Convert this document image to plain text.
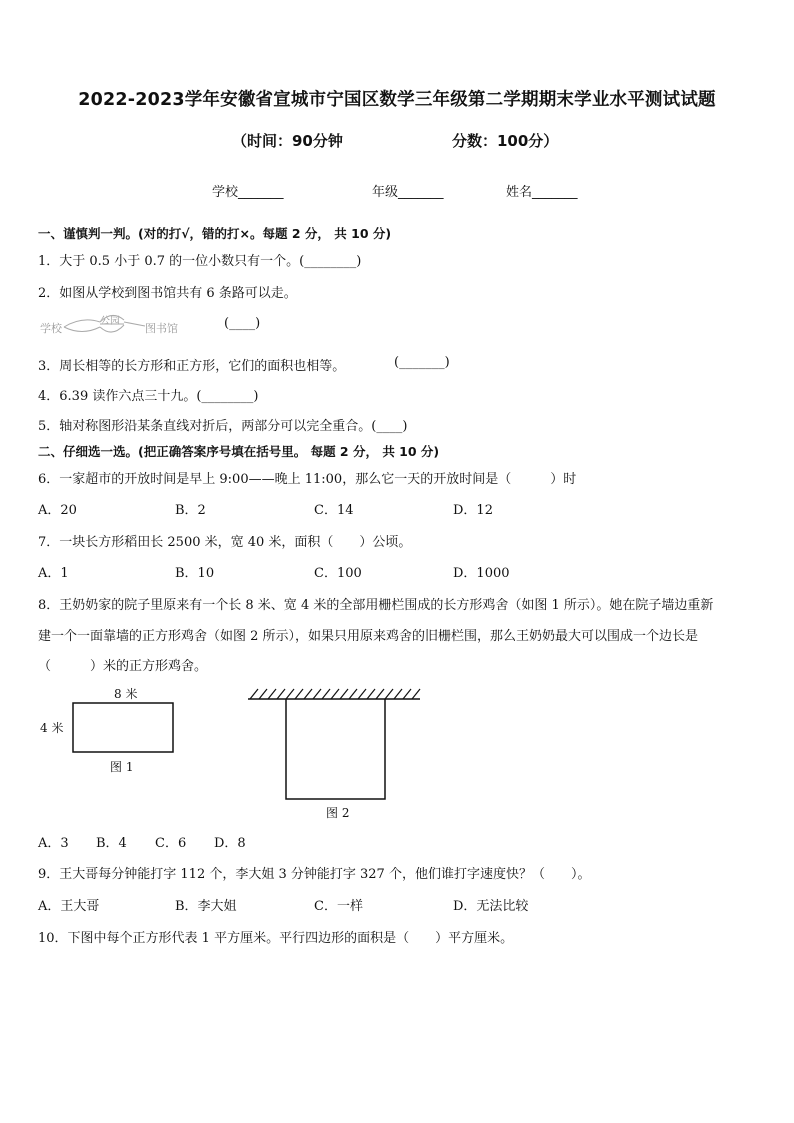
2022-2023学年安徽省宣城市宁国区数学三年级第二学期期末学业水平测试试题
（时间：90分钟	分数：100分）
学校_______	年级_______	姓名_______
一、谨慎判一判。(对的打√，错的打×。每题 2 分， 共 10 分)
1．大于 0.5 小于 0.7 的一位小数只有一个。(________)
2．如图从学校到图书馆共有 6 条路可以走。
学校
公园
图书馆	(____)
3．周长相等的长方形和正方形，它们的面积也相等。	(_______)
4．6.39 读作六点三十九。(________)
5．轴对称图形沿某条直线对折后，两部分可以完全重合。(____)
二、仔细选一选。(把正确答案序号填在括号里。 每题 2 分， 共 10 分)
6．一家超市的开放时间是早上 9:00——晚上 11:00，那么它一天的开放时间是（　　　）时
A．20	B．2	C．14	D．12
7．一块长方形稻田长 2500 米，宽 40 米，面积（　　）公顷。
A．1	B．10	C．100	D．1000
8．王奶奶家的院子里原来有一个长 8 米、宽 4 米的全部用栅栏围成的长方形鸡舍（如图 1 所示）。她在院子墙边重新
建一个一面靠墙的正方形鸡舍（如图 2 所示），如果只用原来鸡舍的旧栅栏围，那么王奶奶最大可以围成一个边长是
（　　　）米的正方形鸡舍。
8 米
4 米
图 1
图 2
A．3 B．4 C．6 D．8
9．王大哥每分钟能打字 112 个，李大姐 3 分钟能打字 327 个，他们谁打字速度快？（　　）。
A．王大哥	B．李大姐	C．一样	D．无法比较
10．下图中每个正方形代表 1 平方厘米。平行四边形的面积是（　　）平方厘米。
